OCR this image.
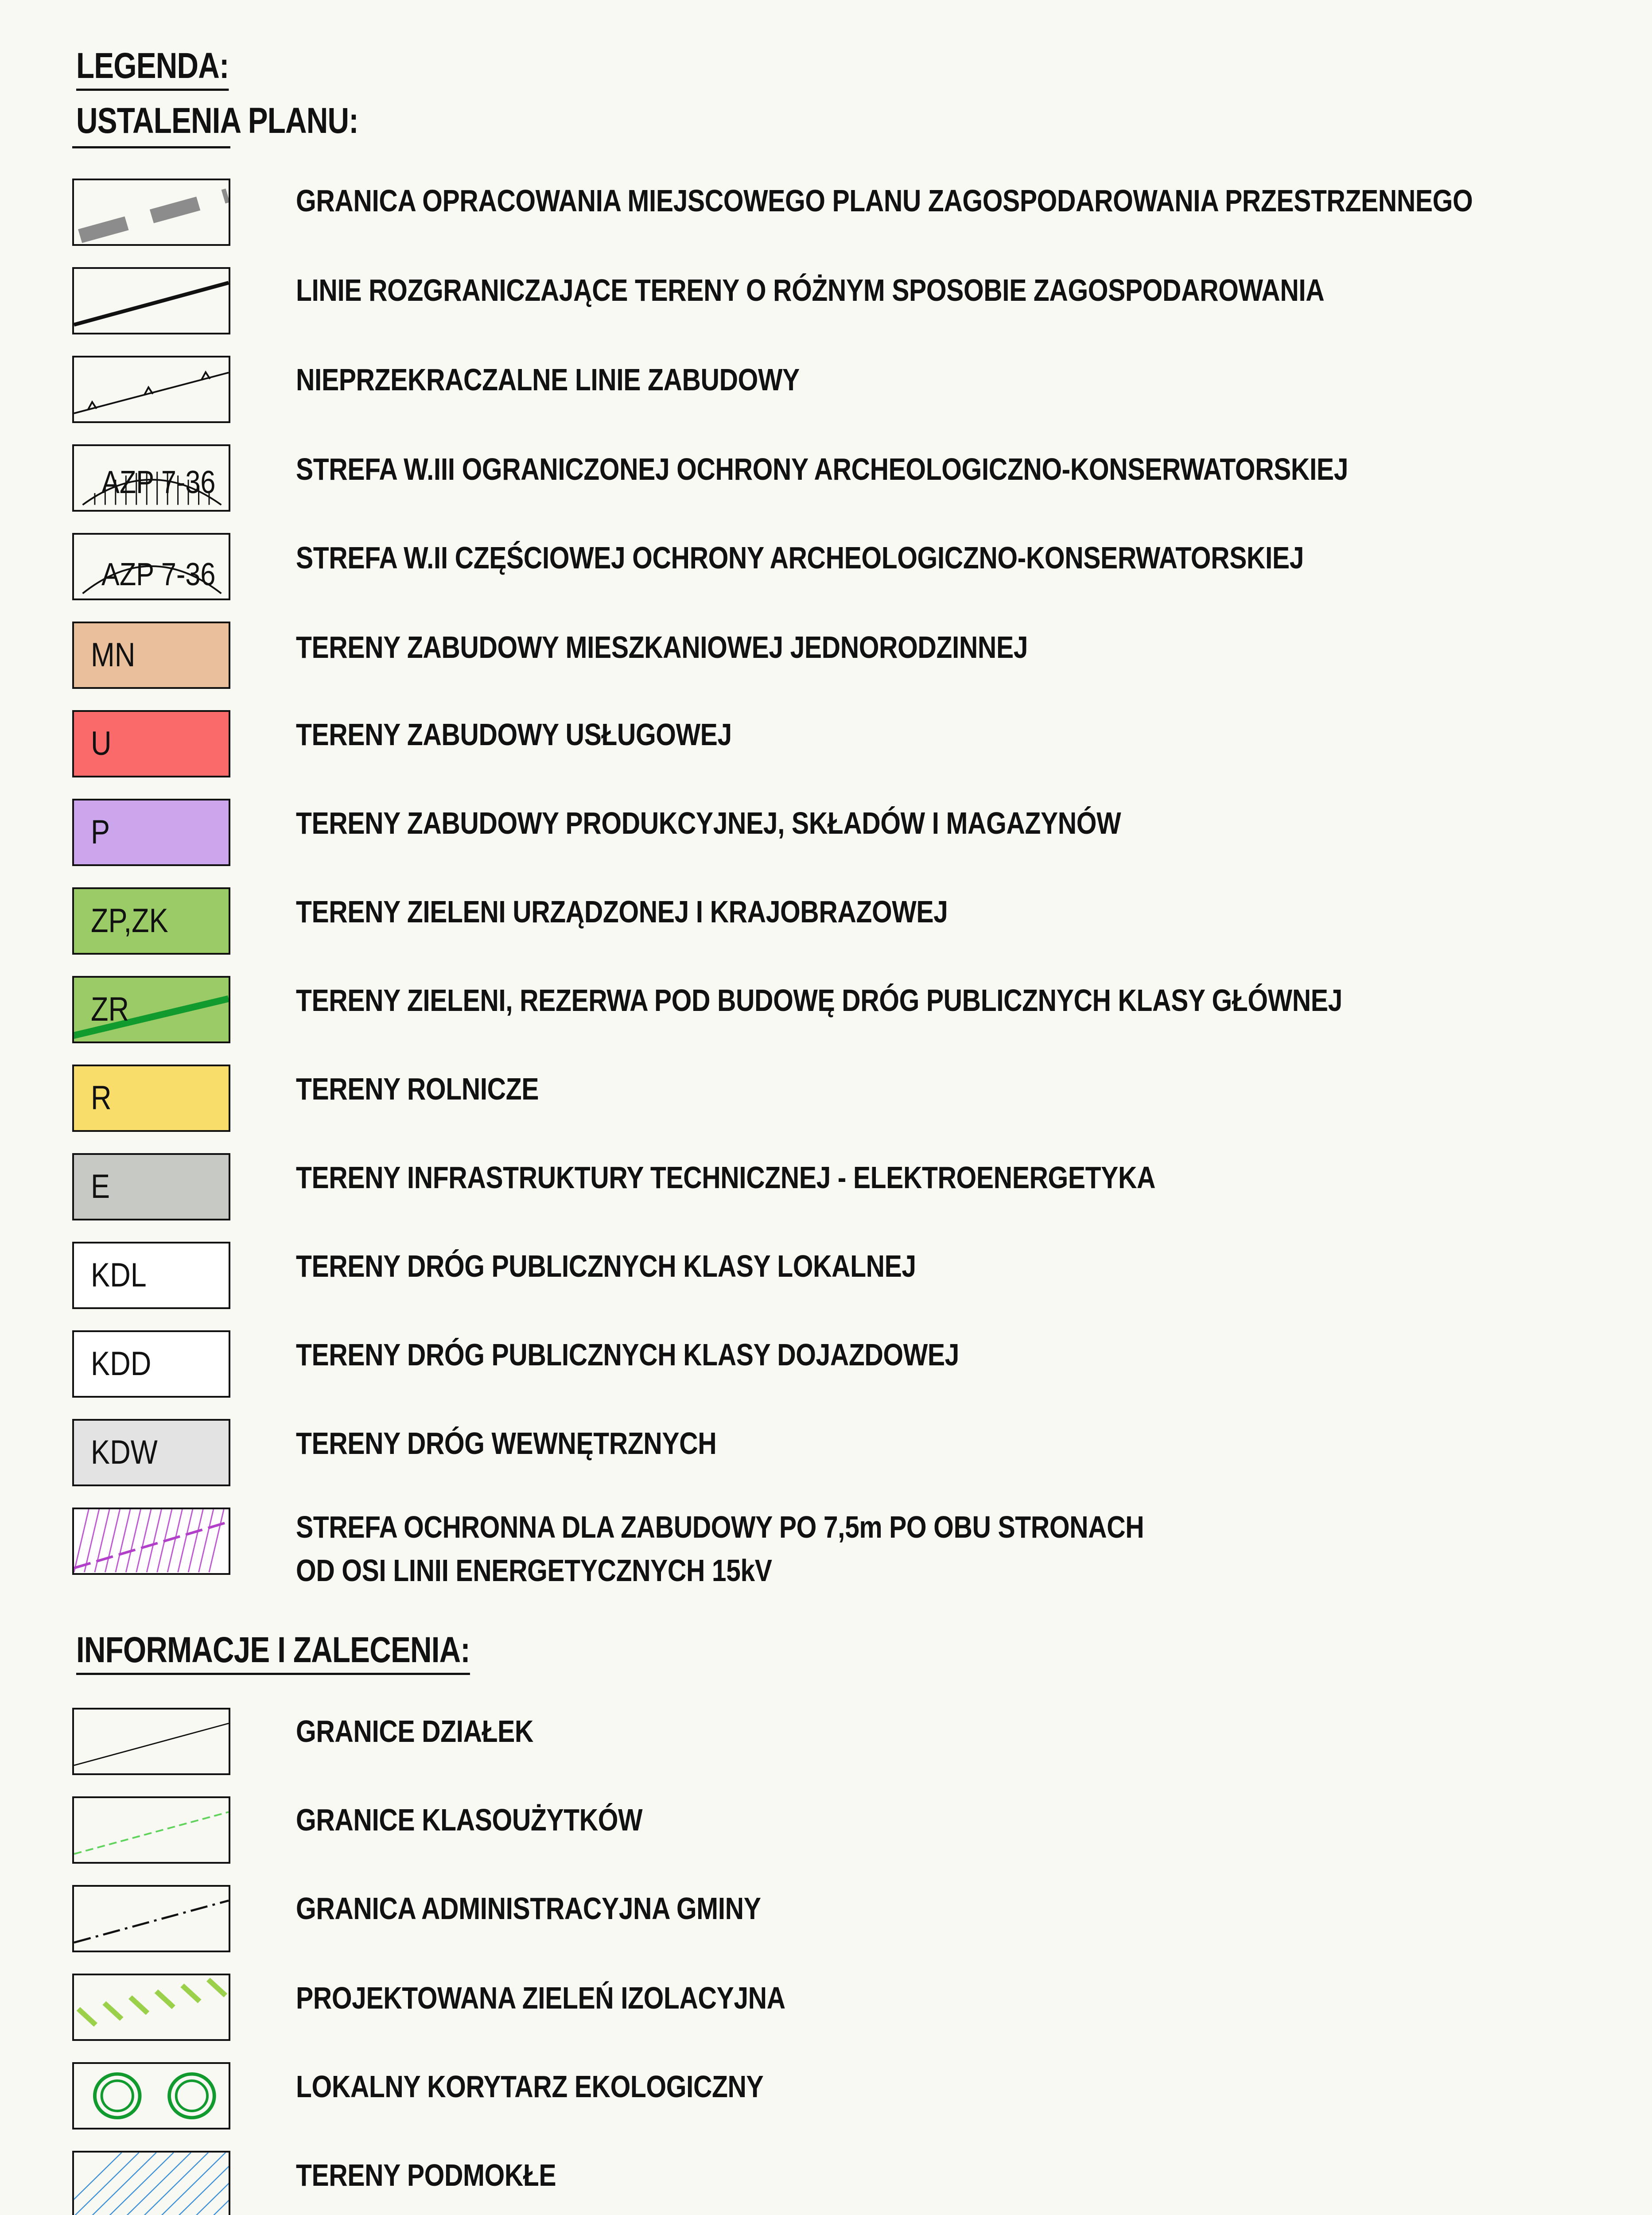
LEGENDA:
USTALENIA PLANU:
GRANICA OPRACOWANIA MIEJSCOWEGO PLANU ZAGOSPODAROWANIA PRZESTRZENNEGO
LINIE ROZGRANICZAJĄCE TERENY O RÓŻNYM SPOSOBIE ZAGOSPODAROWANIA
NIEPRZEKRACZALNE LINIE ZABUDOWY
AZP 7-36	STREFA W.III OGRANICZONEJ OCHRONY ARCHEOLOGICZNO-KONSERWATORSKIEJ
AZP 7-36	STREFA W.II CZĘŚCIOWEJ OCHRONY ARCHEOLOGICZNO-KONSERWATORSKIEJ
MN	TERENY ZABUDOWY MIESZKANIOWEJ JEDNORODZINNEJ
U	TERENY ZABUDOWY USŁUGOWEJ
P	TERENY ZABUDOWY PRODUKCYJNEJ, SKŁADÓW I MAGAZYNÓW
ZP,ZK	TERENY ZIELENI URZĄDZONEJ I KRAJOBRAZOWEJ
ZR	TERENY ZIELENI, REZERWA POD BUDOWĘ DRÓG PUBLICZNYCH KLASY GŁÓWNEJ
R	TERENY ROLNICZE
E	TERENY INFRASTRUKTURY TECHNICZNEJ - ELEKTROENERGETYKA
KDL	TERENY DRÓG PUBLICZNYCH KLASY LOKALNEJ
KDD	TERENY DRÓG PUBLICZNYCH KLASY DOJAZDOWEJ
KDW	TERENY DRÓG WEWNĘTRZNYCH
STREFA OCHRONNA DLA ZABUDOWY PO 7,5m PO OBU STRONACH
OD OSI LINII ENERGETYCZNYCH 15kV
INFORMACJE I ZALECENIA:
GRANICE DZIAŁEK
GRANICE KLASOUŻYTKÓW
GRANICA ADMINISTRACYJNA GMINY
PROJEKTOWANA ZIELEŃ IZOLACYJNA
LOKALNY KORYTARZ EKOLOGICZNY
TERENY PODMOKŁE
